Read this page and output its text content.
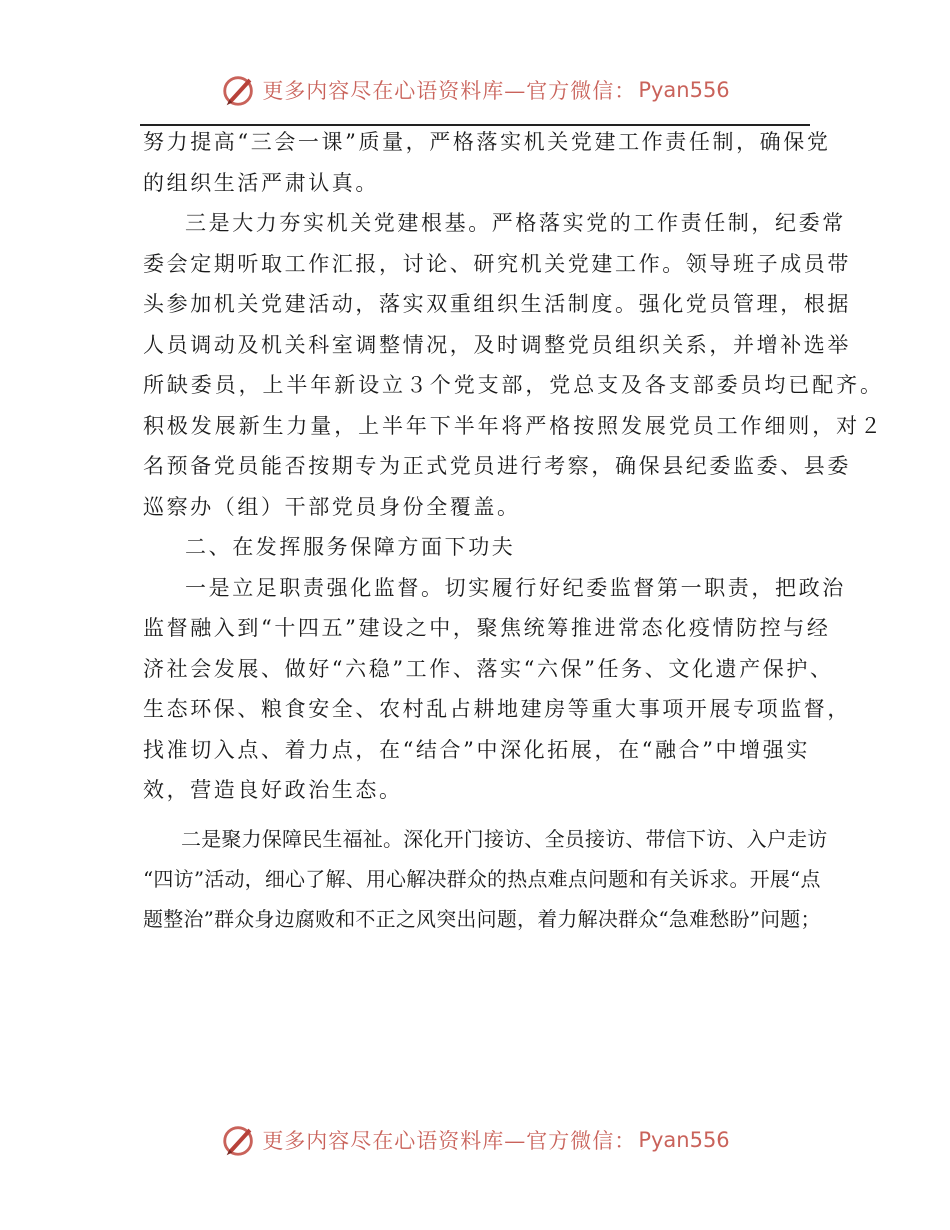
更多内容尽在心语资料库—官方微信： Pyan556
努力提高“三会一课”质量，严格落实机关党建工作责任制，确保党
的组织生活严肃认真。
三是大力夯实机关党建根基。严格落实党的工作责任制，纪委常
委会定期听取工作汇报，讨论、研究机关党建工作。领导班子成员带
头参加机关党建活动，落实双重组织生活制度。强化党员管理，根据
人员调动及机关科室调整情况，及时调整党员组织关系，并增补选举
所缺委员，上半年新设立３个党支部，党总支及各支部委员均已配齐。
积极发展新生力量，上半年下半年将严格按照发展党员工作细则，对２
名预备党员能否按期专为正式党员进行考察，确保县纪委监委、县委
巡察办（组）干部党员身份全覆盖。
二、在发挥服务保障方面下功夫
一是立足职责强化监督。切实履行好纪委监督第一职责，把政治
监督融入到“十四五”建设之中，聚焦统筹推进常态化疫情防控与经
济社会发展、做好“六稳”工作、落实“六保”任务、文化遗产保护、
生态环保、粮食安全、农村乱占耕地建房等重大事项开展专项监督，
找准切入点、着力点，在“结合”中深化拓展，在“融合”中增强实
效，营造良好政治生态。
二是聚力保障民生福祉。深化开门接访、全员接访、带信下访、入户走访
“四访”活动，细心了解、用心解决群众的热点难点问题和有关诉求。开展“点
题整治”群众身边腐败和不正之风突出问题，着力解决群众“急难愁盼”问题；
更多内容尽在心语资料库—官方微信： Pyan556
